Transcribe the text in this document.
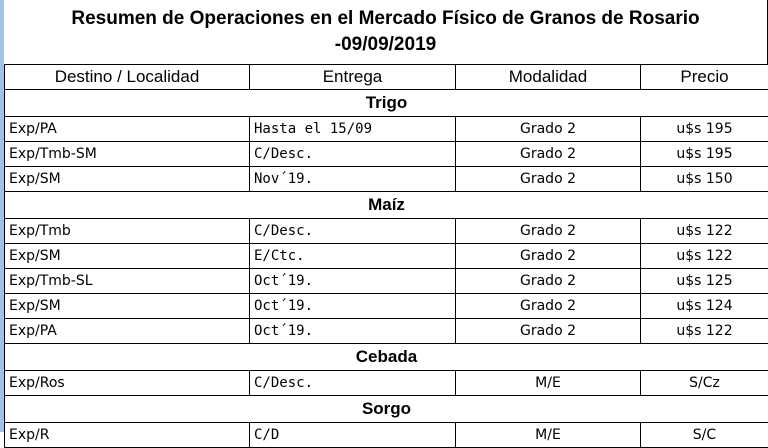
Resumen de Operaciones en el Mercado Físico de Granos de Rosario
-09/09/2019
Destino / Localidad	Entrega	Modalidad	Precio
Trigo			
Exp/PA	Hasta el 15/09	Grado 2	u$s 195
Exp/Tmb-SM	C/Desc.	Grado 2	u$s 195
Exp/SM	Nov´19.	Grado 2	u$s 150
Maíz			
Exp/Tmb	C/Desc.	Grado 2	u$s 122
Exp/SM	E/Ctc.	Grado 2	u$s 122
Exp/Tmb-SL	Oct´19.	Grado 2	u$s 125
Exp/SM	Oct´19.	Grado 2	u$s 124
Exp/PA	Oct´19.	Grado 2	u$s 122
Cebada			
Exp/Ros	C/Desc.	M/E	S/Cz
Sorgo			
Exp/R	C/D	M/E	S/C
